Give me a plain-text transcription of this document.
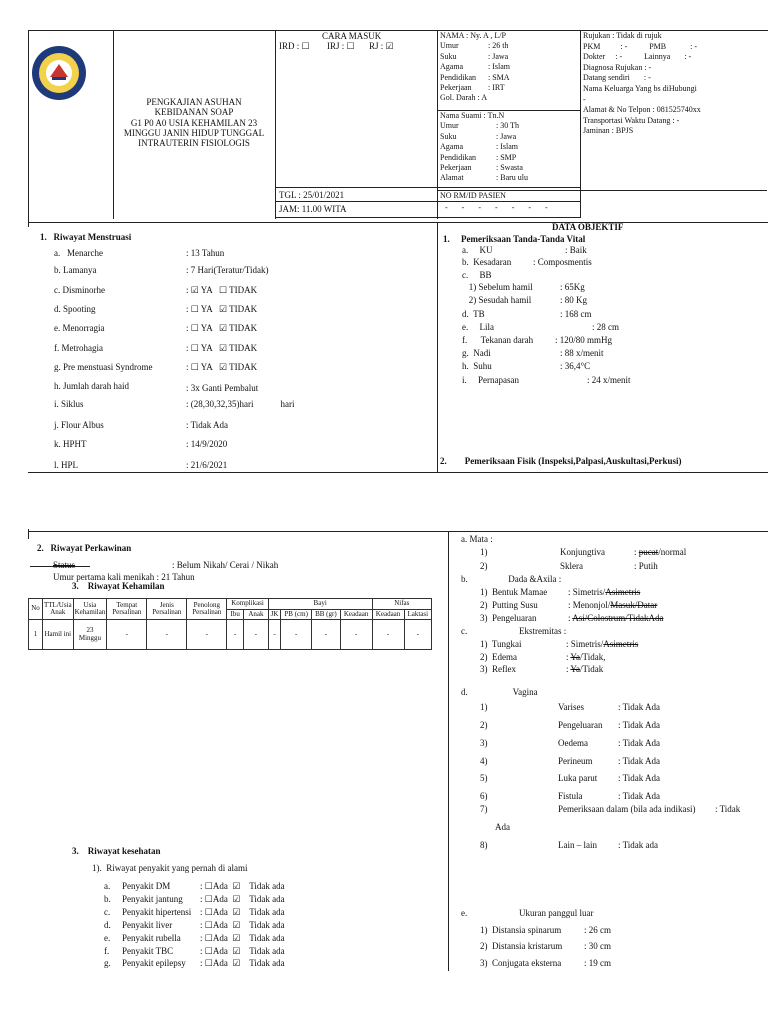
PENGKAJIAN ASUHAN
KEBIDANAN SOAP
G1 P0 A0 USIA KEHAMILAN 23
MINGGU JANIN HIDUP TUNGGAL
INTRAUTERIN FISIOLOGIS
CARA MASUK
IRD : ☐ IRJ : ☐ RJ : ☑
TGL : 25/01/2021
JAM: 11.00 WITA
NAMA : Ny. A , L/P
Umur	: 26 th
Suku	: Jawa
Agama	: Islam
Pendidikan : SMA
Pekerjaan : IRT
Gol. Darah : A
Nama Suami : Tn.N
Umur	: 30 Th
Suku	: Jawa
Agama	: Islam
Pendidikan	: SMP
Pekerjaan	: Swasta
Alamat	: Baru ulu
NO RM/ID PASIEN
- - - - - - -
Rujukan : Tidak di rujuk
PKM          : -           PMB            : -
Dokter     : -           Lainnya       : -
Diagnosa Rujukan : -
Datang sendiri       : -
Nama Keluarga Yang bs diHubungi
-
Alamat & No Telpon : 081525740xx
Transportasi Waktu Datang : -
Jaminan : BPJS
1.   Riwayat Menstruasi
a.   Menarche	: 13 Tahun
b. Lamanya	: 7 Hari(Teratur/Tidak)
c. Disminorhe	: ☑ YA   ☐ TIDAK
d. Spooting	: ☐ YA   ☑ TIDAK
e. Menorragia	: ☐ YA   ☑ TIDAK
f. Metrohagia	: ☐ YA   ☑ TIDAK
g. Pre menstuasi Syndrome	: ☐ YA   ☑ TIDAK
h. Jumlah darah haid	: 3x Ganti Pembalut
i. Siklus	: (28,30,32,35)hari            hari
j. Flour Albus	: Tidak Ada
k. HPHT	: 14/9/2020
l. HPL	: 21/6/2021
DATA OBJEKTIF
1.     Pemeriksaan Tanda-Tanda Vital
a.     KU	: Baik
b.  Kesadaran : Composmentis
c.     BB
1) Sebelum hamil	: 65Kg
2) Sesudah hamil	: 80 Kg
d.  TB	: 168 cm
e.     Lila	: 28 cm
f.      Tekanan darah : 120/80 mmHg
g.  Nadi	: 88 x/menit
h.  Suhu	: 36,4°C
i.     Pernapasan	: 24 x/menit
2.        Pemeriksaan Fisik (Inspeksi,Palpasi,Auskultasi,Perkusi)
2.   Riwayat Perkawinan
Status	: Belum Nikah/ Cerai / Nikah
Umur pertama kali menikah : 21 Tahun
3.    Riwayat Kehamilan
No	TTL/Usia Anak	Usia Kehamilan	Tempat Persalinan	Jenis Persalinan	Penolong Persalinan	Komplikasi		Bayi				Nifas	
						Ibu	Anak	JK	PB (cm)	BB (gr)	Keadaan	Keadaan	Laktasi
1	Hamil ini	23 Minggu	-	-	-	-	-	-	-	-	-	-	-
3.    Riwayat kesehatan
1).  Riwayat penyakit yang pernah di alami
a. Penyakit DM	: ☐Ada  ☑    Tidak ada
b. Penyakit jantung : ☐Ada  ☑    Tidak ada
c. Penyakit hipertensi : ☐Ada  ☑    Tidak ada
d. Penyakit liver	: ☐Ada  ☑    Tidak ada
e. Penyakit rubella : ☐Ada  ☑    Tidak ada
f. Penyakit TBC	: ☐Ada  ☑    Tidak ada
g. Penyakit epilepsy : ☐Ada  ☑    Tidak ada
a. Mata :
1)	Konjungtiva	: pucat/normal
2)	Sklera	: Putih
b.                  Dada &Axila :
1)  Bentuk Mamae : Simetris/Asimetris
2)  Putting Susu	: Menonjol/Masuk/Datar
3)  Pengeluaran	: Asi/Colostrum/TidakAda
c.                       Ekstremitas :
1)  Tungkai	: Simetris/Asimetris
2)  Edema	: Ya/Tidak,
3)  Reflex	: Ya/Tidak
d.                    Vagina
1)	Varises	: Tidak Ada
2)	Pengeluaran : Tidak Ada
3)	Oedema	: Tidak Ada
4)	Perineum	: Tidak Ada
5)	Luka parut : Tidak Ada
6)	Fistula	: Tidak Ada
7)	Pemeriksaan dalam (bila ada indikasi) : Tidak
Ada
8)	Lain – lain : Tidak ada
e.                       Ukuran panggul luar
1)  Distansia spinarum	: 26 cm
2)  Distansia kristarum : 30 cm
3)  Conjugata eksterna	: 19 cm
